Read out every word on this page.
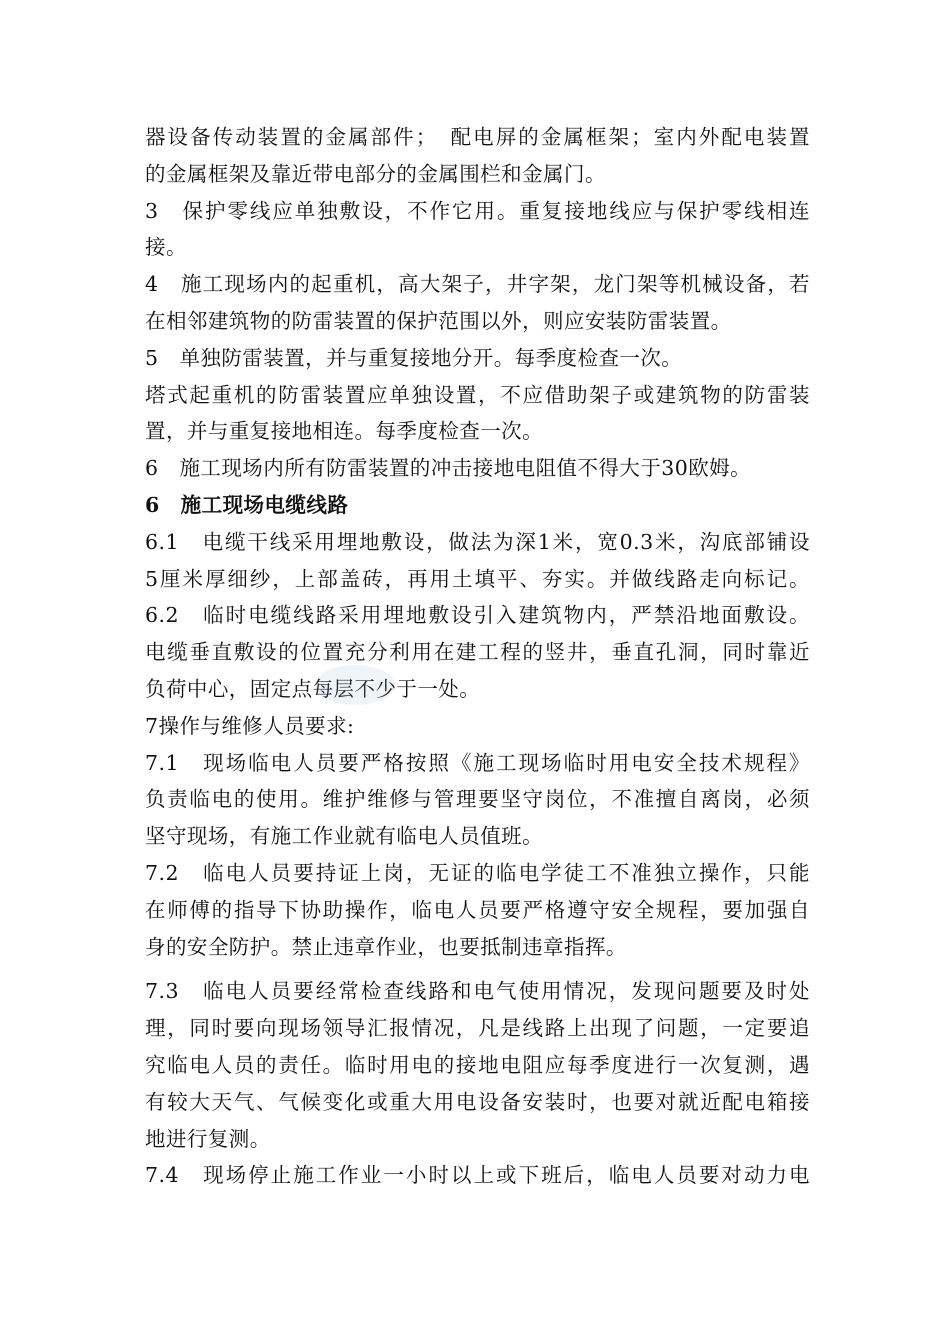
器设备传动装置的金属部件；　配电屏的金属框架；室内外配电装置
的金属框架及靠近带电部分的金属围栏和金属门。
3　保护零线应单独敷设，不作它用。重复接地线应与保护零线相连
接。
4　施工现场内的起重机，高大架子，井字架，龙门架等机械设备，若
在相邻建筑物的防雷装置的保护范围以外，则应安装防雷装置。
5　单独防雷装置，并与重复接地分开。每季度检查一次。
塔式起重机的防雷装置应单独设置，不应借助架子或建筑物的防雷装
置，并与重复接地相连。每季度检查一次。
6　施工现场内所有防雷装置的冲击接地电阻值不得大于30欧姆。
6　施工现场电缆线路
6.1　电缆干线采用埋地敷设，做法为深1米，宽0.3米，沟底部铺设
5厘米厚细纱，上部盖砖，再用土填平、夯实。并做线路走向标记。
6.2　临时电缆线路采用埋地敷设引入建筑物内，严禁沿地面敷设。
电缆垂直敷设的位置充分利用在建工程的竖井，垂直孔洞，同时靠近
负荷中心，固定点每层不少于一处。
7操作与维修人员要求:
7.1　现场临电人员要严格按照《施工现场临时用电安全技术规程》
负责临电的使用。维护维修与管理要坚守岗位，不准擅自离岗，必须
坚守现场，有施工作业就有临电人员值班。
7.2　临电人员要持证上岗，无证的临电学徒工不准独立操作，只能
在师傅的指导下协助操作，临电人员要严格遵守安全规程，要加强自
身的安全防护。禁止违章作业，也要抵制违章指挥。
7.3　临电人员要经常检查线路和电气使用情况，发现问题要及时处
理，同时要向现场领导汇报情况，凡是线路上出现了问题，一定要追
究临电人员的责任。临时用电的接地电阻应每季度进行一次复测，遇
有较大天气、气候变化或重大用电设备安装时，也要对就近配电箱接
地进行复测。
7.4　现场停止施工作业一小时以上或下班后，临电人员要对动力电
